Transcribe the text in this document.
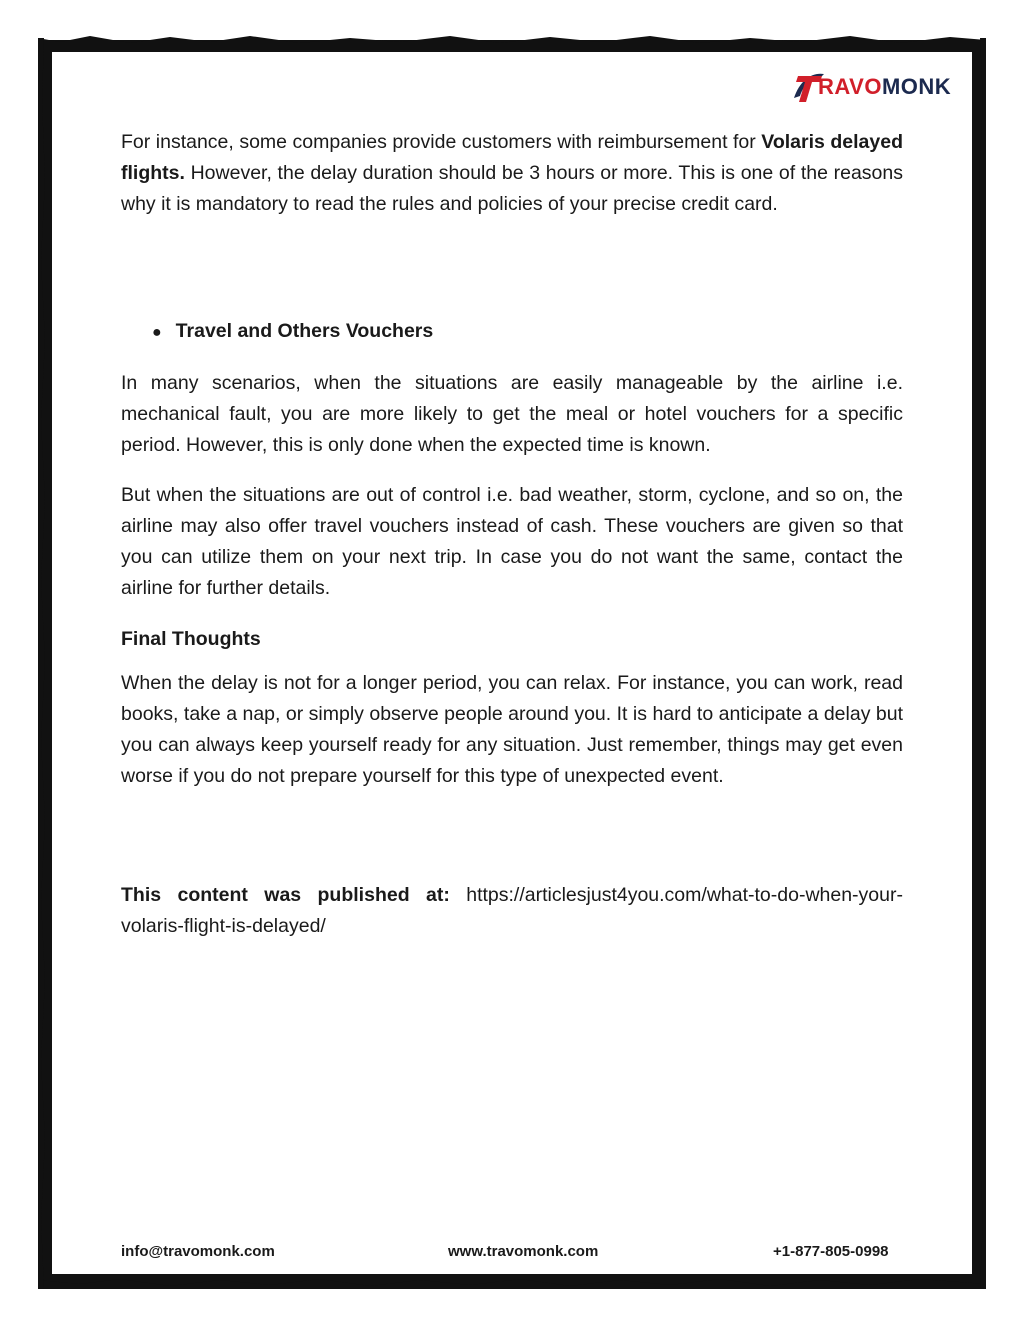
RAVOMONK

For instance, some companies provide customers with reimbursement for Volaris delayed flights. However, the delay duration should be 3 hours or more. This is one of the reasons why it is mandatory to read the rules and policies of your precise credit card.

● Travel and Others Vouchers

In many scenarios, when the situations are easily manageable by the airline i.e. mechanical fault, you are more likely to get the meal or hotel vouchers for a specific period. However, this is only done when the expected time is known.

But when the situations are out of control i.e. bad weather, storm, cyclone, and so on, the airline may also offer travel vouchers instead of cash. These vouchers are given so that you can utilize them on your next trip. In case you do not want the same, contact the airline for further details.

Final Thoughts

When the delay is not for a longer period, you can relax. For instance, you can work, read books, take a nap, or simply observe people around you. It is hard to anticipate a delay but you can always keep yourself ready for any situation. Just remember, things may get even worse if you do not prepare yourself for this type of unexpected event.

This content was published at: https://articlesjust4you.com/what-to-do-when-your-volaris-flight-is-delayed/

info@travomonk.com	www.travomonk.com	+1-877-805-0998
